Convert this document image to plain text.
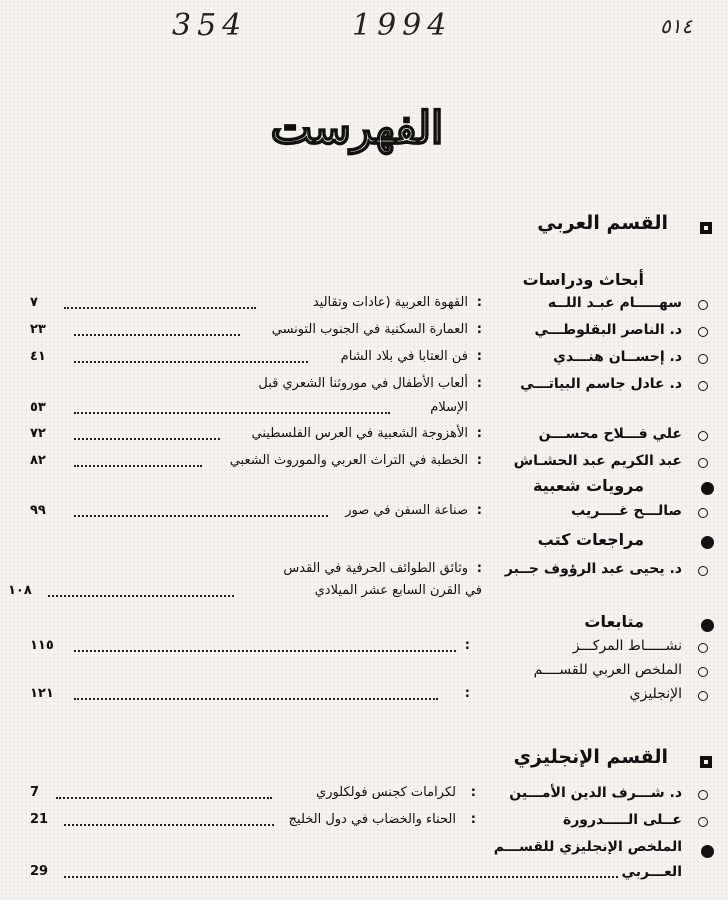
354	1994	٥١٤
الفهرست
القسم العربي
أبحاث ودراسات
سهـــــام عبـد اللــه
:
القهوة العربية (عادات وتقاليد
٧
د. الناصر البقلوطـــي
:
العمارة السكنية في الجنوب التونسي
٢٣
د. إحســان هنـــدي
:
فن العتابا في بلاد الشام
٤١
د. عادل جاسم البياتـــي
:
ألعاب الأطفال في موروثنا الشعري قبل
الإسلام
٥٣
علي فـــلاح محســـن
:
الأهزوجة الشعبية في العرس الفلسطيني
٧٢
عبد الكريم عبد الحشـاش
:
الخطبة في التراث العربي والموروث الشعبي
٨٢
مرويات شعبية
صالـــح غــــريب
:
صناعة السفن في صور
٩٩
مراجعات كتب
د. يحيى عبد الرؤوف جــبر
:
وثائق الطوائف الحرفية في القدس
في القرن السابع عشر الميلادي
١٠٨
متابعات
نشـــــاط المركـــز
:
١١٥
الملخص العربي للقســــم
الإنجليزي
:
١٢١
القسم الإنجليزي
د. شـــرف الدين الأمـــين
:
لكرامات كجنس فولكلوري
7
عــلى الـــــدرورة
:
الحناء والخضاب في دول الخليج
21
الملخص الإنجليزي للقســـم
العـــربي
29
